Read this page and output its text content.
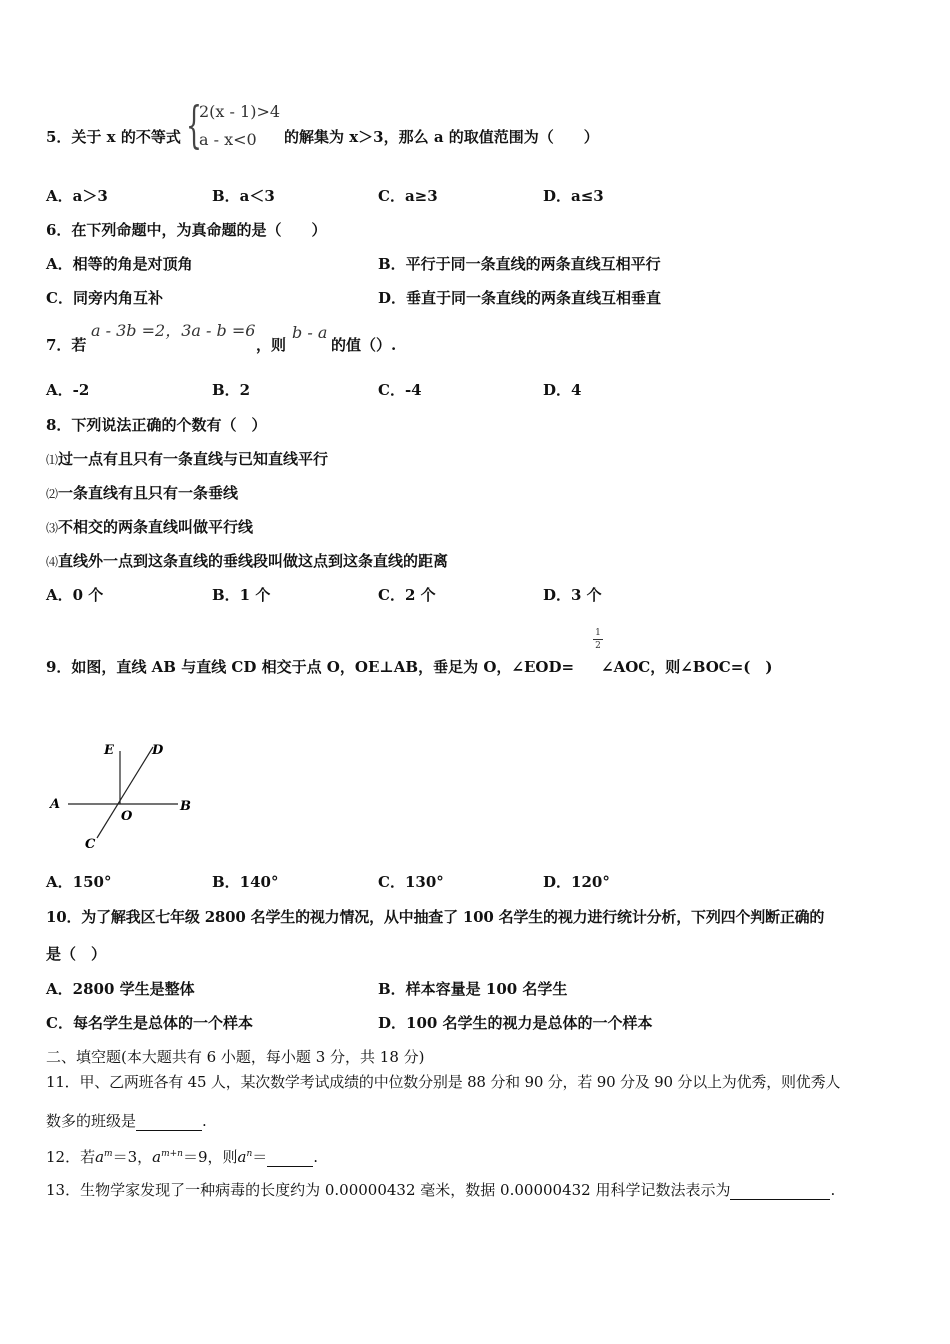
5．关于 x 的不等式 {
2(x - 1)>4
a - x<0 的解集为 x＞3，那么 a 的取值范围为（　　）
A．a＞3	B．a＜3	C．a≥3	D．a≤3
6．在下列命题中，为真命题的是（　　）
A．相等的角是对顶角	B．平行于同一条直线的两条直线互相平行
C．同旁内角互补	D．垂直于同一条直线的两条直线互相垂直
7．若
a - 3b =2，3a - b =6
，则
b - a
的值（）.
A．-2	B．2	C．-4	D．4
8．下列说法正确的个数有（　）
⑴过一点有且只有一条直线与已知直线平行
⑵一条直线有且只有一条垂线
⑶不相交的两条直线叫做平行线
⑷直线外一点到这条直线的垂线段叫做这点到这条直线的距离
A．0 个	B．1 个	C．2 个	D．3 个
9．如图，直线 AB 与直线 CD 相交于点 O，OE⊥AB，垂足为 O，∠EOD=
1
2
∠AOC，则∠BOC=(　)
E	D
A	B
O
C
A．150°	B．140°	C．130°	D．120°
10．为了解我区七年级 2800 名学生的视力情况，从中抽查了 100 名学生的视力进行统计分析，下列四个判断正确的
是（　）
A．2800 学生是整体	B．样本容量是 100 名学生
C．每名学生是总体的一个样本	D．100 名学生的视力是总体的一个样本
二、填空题(本大题共有 6 小题，每小题 3 分，共 18 分)
11．甲、乙两班各有 45 人，某次数学考试成绩的中位数分别是 88 分和 90 分，若 90 分及 90 分以上为优秀，则优秀人
数多的班级是	.
12．若$a^m=3$，$a^{m+n}=9$，则$a^n=$	.
13．生物学家发现了一种病毒的长度约为 0.00000432 毫米，数据 0.00000432 用科学记数法表示为	.
